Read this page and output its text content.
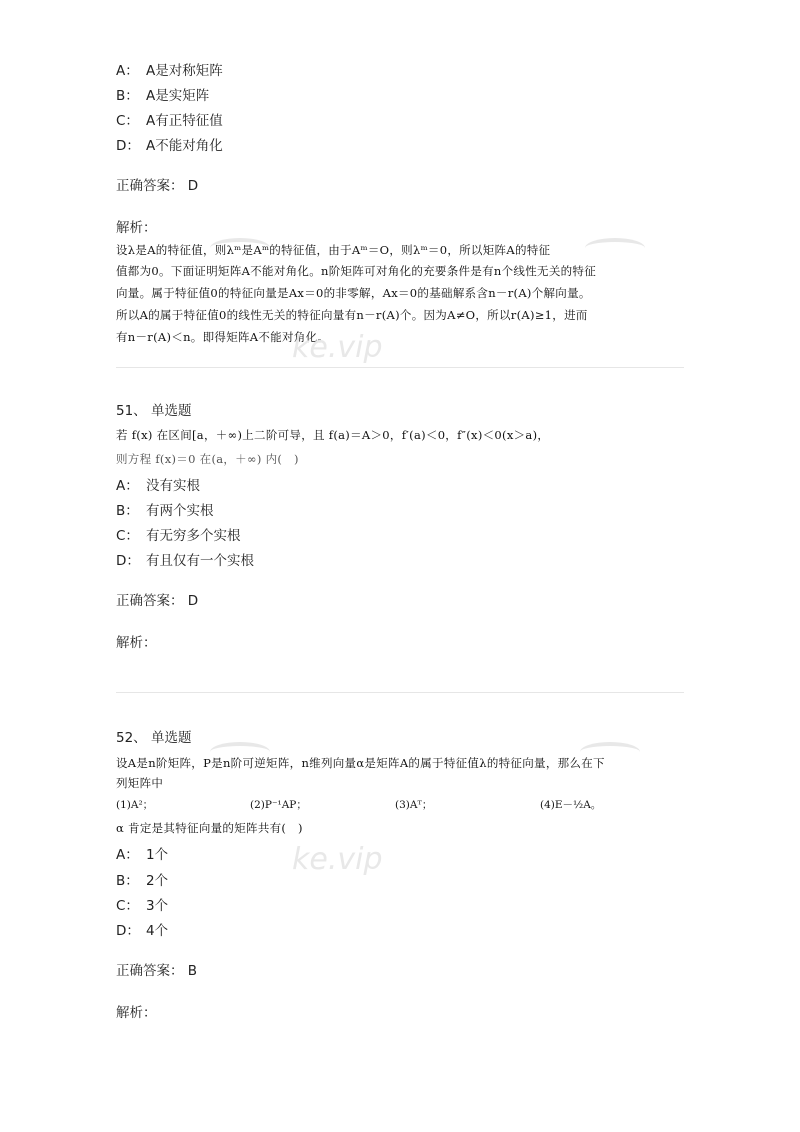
A： A是对称矩阵
B： A是实矩阵
C： A有正特征值
D： A不能对角化
正确答案： D
解析：
设λ是A的特征值，则λᵐ是Aᵐ的特征值，由于Aᵐ＝O，则λᵐ＝0，所以矩阵A的特征
值都为0。下面证明矩阵A不能对角化。n阶矩阵可对角化的充要条件是有n个线性无关的特征
向量。属于特征值0的特征向量是Ax＝0的非零解，Ax＝0的基础解系含n－r(A)个解向量。
所以A的属于特征值0的线性无关的特征向量有n－r(A)个。因为A≠O，所以r(A)≥1，进而
有n－r(A)＜n。即得矩阵A不能对角化。
ke.vip
51、 单选题
若 f(x) 在区间[a，＋∞)上二阶可导，且 f(a)＝A＞0，f′(a)＜0，f″(x)＜0(x＞a)，
则方程 f(x)＝0 在(a，＋∞) 内(　)
A： 没有实根
B： 有两个实根
C： 有无穷多个实根
D： 有且仅有一个实根
正确答案： D
解析：
52、 单选题
设A是n阶矩阵，P是n阶可逆矩阵，n维列向量α是矩阵A的属于特征值λ的特征向量，那么在下
列矩阵中
(1)A²；	(2)P⁻¹AP；	(3)Aᵀ；	(4)E－½A。
α 肯定是其特征向量的矩阵共有(　)
ke.vip
A： 1个
B： 2个
C： 3个
D： 4个
正确答案： B
解析：
